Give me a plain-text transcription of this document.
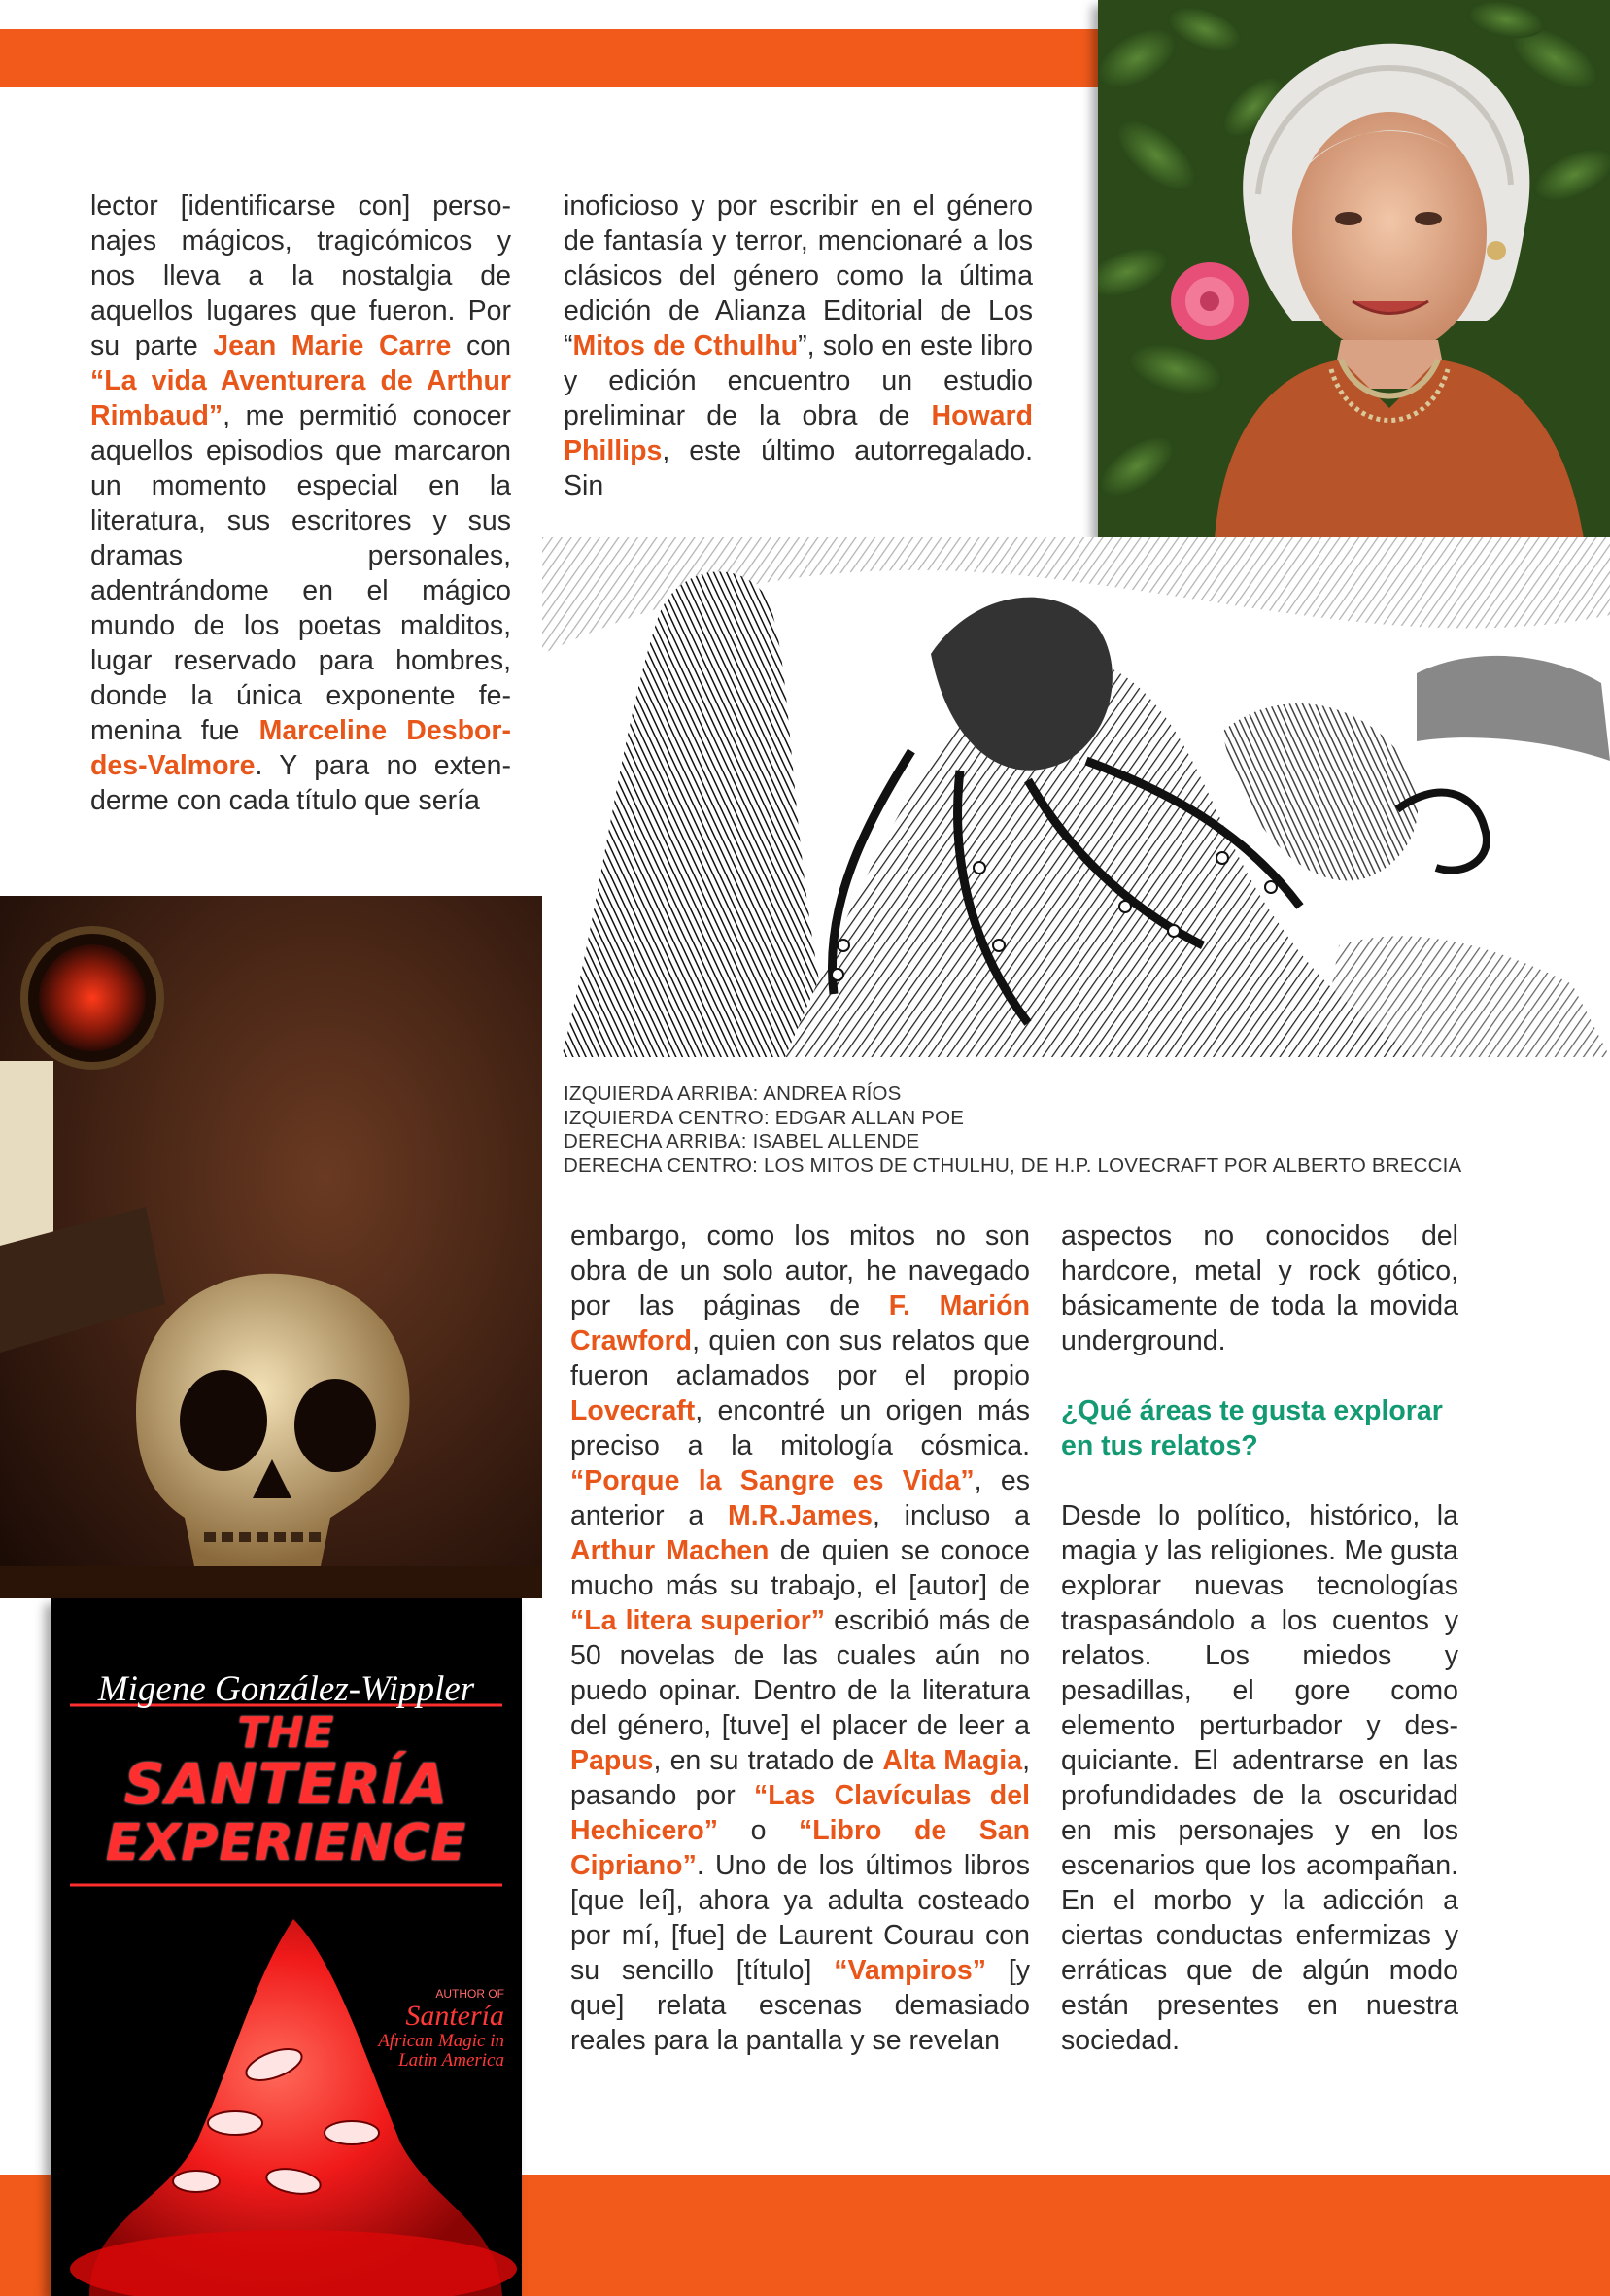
lector [identificarse con] personajes mágicos, tragicómicos y nos lleva a la nostalgia de aquellos lugares que fueron. Por su parte Jean Marie Carre con “La vida Aventurera de Arthur Rimbaud”, me permitió conocer aquellos episodios que marcaron un momento especial en la literatura, sus escritores y sus dramas personales, adentrándome en el mágico mundo de los poetas malditos, lugar reservado para hombres, donde la única exponente femenina fue Marceline Desbordes-Valmore. Y para no extenderme con cada título que sería

inoficioso y por escribir en el género de fantasía y terror, mencionaré a los clásicos del género como la última edición de Alianza Editorial de Los “Mitos de Cthulhu”, solo en este libro y edición encuentro un estudio preliminar de la obra de Howard Phillips, este último autorregalado. Sin

Migene González-Wippler
THE
SANTERÍA
EXPERIENCE
AUTHOR OF
Santería
African Magic in Latin America
IZQUIERDA ARRIBA: ANDREA RÍOS
IZQUIERDA CENTRO: EDGAR ALLAN POE
DERECHA ARRIBA: ISABEL ALLENDE
DERECHA CENTRO: LOS MITOS DE CTHULHU, DE H.P. LOVECRAFT POR ALBERTO BRECCIA

embargo, como los mitos no son obra de un solo autor, he navegado por las páginas de F. Marión Crawford, quien con sus relatos que fueron aclamados por el propio Lovecraft, encontré un origen más preciso a la mitología cósmica. “Porque la Sangre es Vida”, es anterior a M.R.James, incluso a Arthur Machen de quien se conoce mucho más su trabajo, el [autor] de “La litera superior” escribió más de 50 novelas de las cuales aún no puedo opinar. Dentro de la literatura del género, [tuve] el placer de leer a Papus, en su tratado de Alta Magia, pasando por “Las Clavículas del Hechicero” o “Libro de San Cipriano”. Uno de los últimos libros [que leí], ahora ya adulta costeado por mí, [fue] de Laurent Courau con su sencillo [título] “Vampiros” [y que] relata escenas demasiado reales para la pantalla y se revelan

aspectos no conocidos del hardcore, metal y rock gótico, básicamente de toda la movida underground.

¿Qué áreas te gusta explorar en tus relatos?

Desde lo político, histórico, la magia y las religiones. Me gusta explorar nuevas tecnologías traspasándolo a los cuentos y relatos. Los miedos y pesadillas, el gore como elemento perturbador y desquiciante. El adentrarse en las profundidades de la oscuridad en mis personajes y en los escenarios que los acompañan. En el morbo y la adicción a ciertas conductas enfermizas y erráticas que de algún modo están presentes en nuestra sociedad.
